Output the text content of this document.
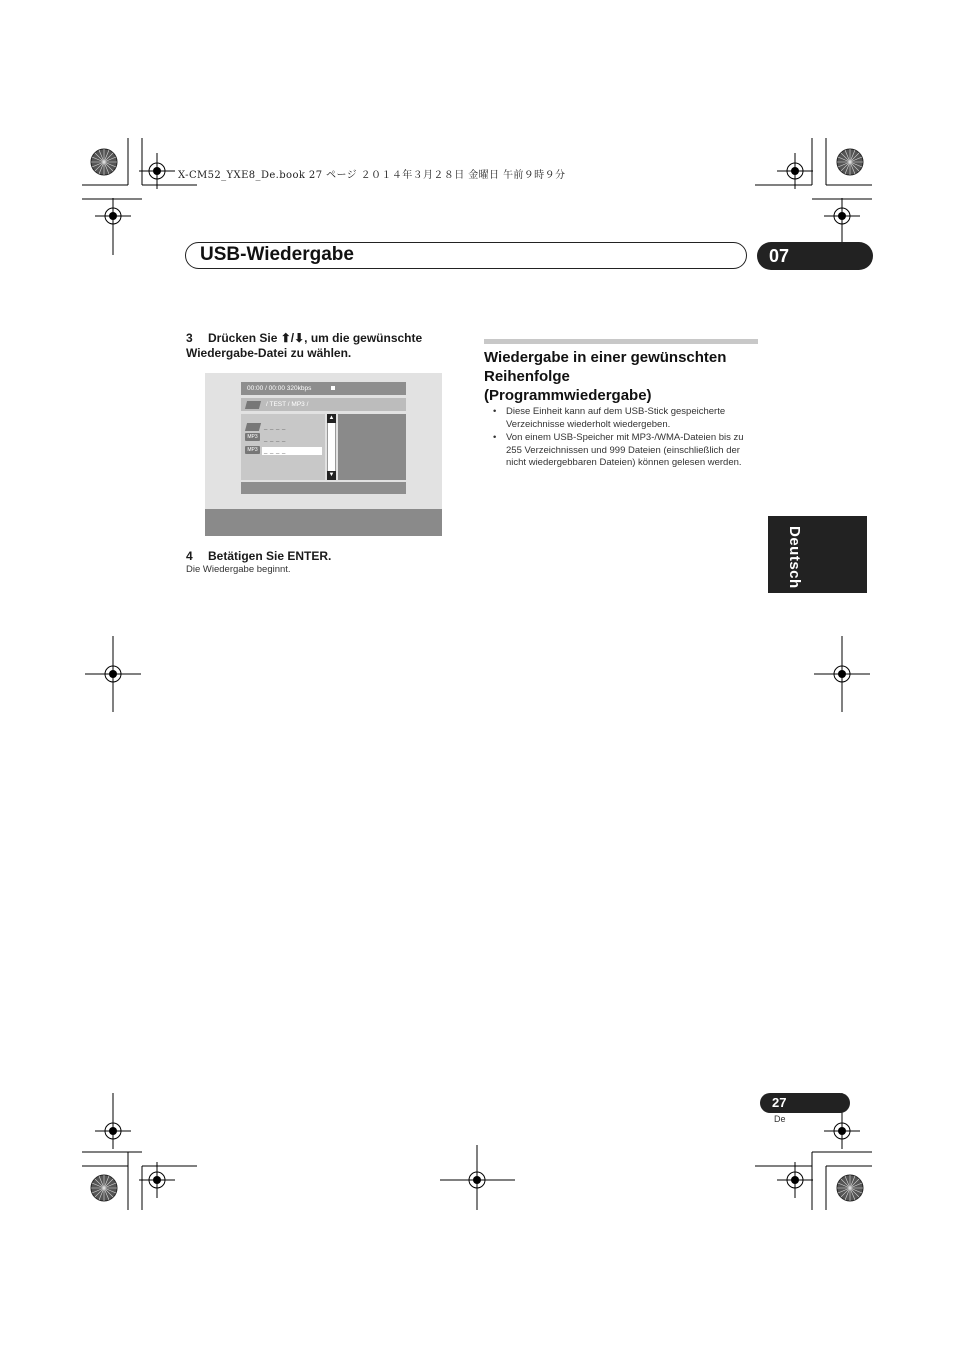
X-CM52_YXE8_De.book 27 ページ ２０１４年３月２８日 金曜日 午前９時９分
USB-Wiedergabe	07
3 Drücken Sie ⬆/⬇, um die gewünschte
Wiedergabe-Datei zu wählen.
00:00 / 00:00 320kbps
/ TEST / MP3 /
_ _ _ _
MP3	_ _ _ _
MP3	_ _ _ _
▲
▼
4 Betätigen Sie ENTER.
Die Wiedergabe beginnt.
Wiedergabe in einer gewünschten
Reihenfolge
(Programmwiedergabe)
• Diese Einheit kann auf dem USB-Stick gespeicherte Verzeichnisse wiederholt wiedergeben.
• Von einem USB-Speicher mit MP3-/WMA-Dateien bis zu 255 Verzeichnissen und 999 Dateien (einschließlich der nicht wiedergebbaren Dateien) können gelesen werden.
Deutsch
27
De
